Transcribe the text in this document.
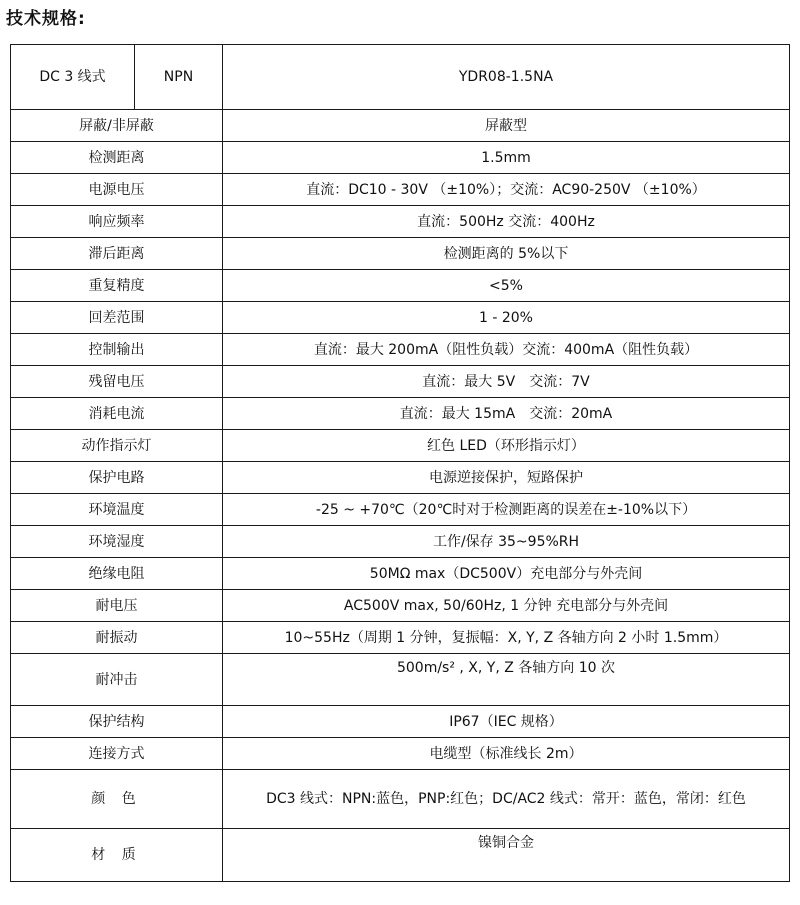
技术规格:
DC 3 线式	NPN	YDR08-1.5NA
屏蔽/非屏蔽		屏蔽型
检测距离		1.5mm
电源电压		直流：DC10 - 30V （±10%）；交流：AC90-250V （±10%）
响应频率		直流：500Hz 交流：400Hz
滞后距离		检测距离的 5%以下
重复精度		<5%
回差范围		1 - 20%
控制输出		直流：最大 200mA（阻性负载）交流：400mA（阻性负载）
残留电压		直流：最大 5V　交流：7V
消耗电流		直流：最大 15mA　交流：20mA
动作指示灯		红色 LED（环形指示灯）
保护电路		电源逆接保护，短路保护
环境温度		-25 ~ +70℃（20℃时对于检测距离的误差在±-10%以下）
环境湿度		工作/保存 35~95%RH
绝缘电阻		50MΩ max（DC500V）充电部分与外壳间
耐电压		AC500V max, 50/60Hz, 1 分钟 充电部分与外壳间
耐振动		10~55Hz（周期 1 分钟，复振幅：X, Y, Z 各轴方向 2 小时 1.5mm）
耐冲击		500m/s² , X, Y, Z 各轴方向 10 次
保护结构		IP67（IEC 规格）
连接方式		电缆型（标准线长 2m）
颜 色		DC3 线式：NPN:蓝色，PNP:红色；DC/AC2 线式：常开：蓝色，常闭：红色
材 质		镍铜合金
